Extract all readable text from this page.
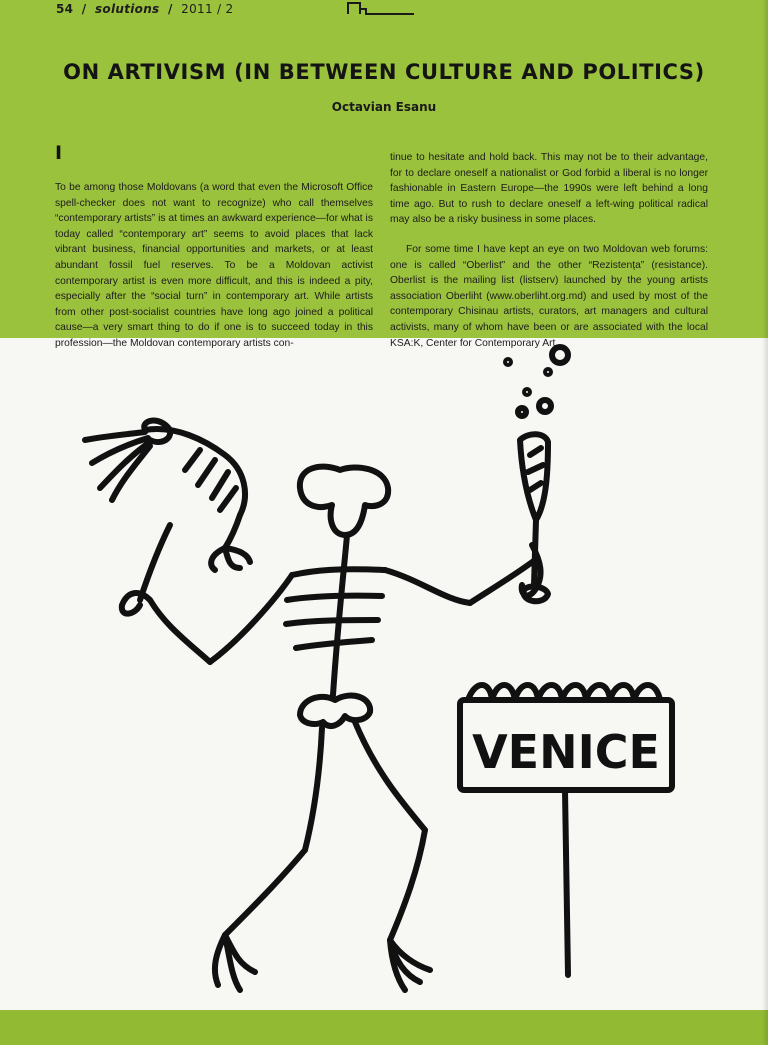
54 / solutions / 2011 / 2
ON ARTIVISM (IN BETWEEN CULTURE AND POLITICS)
Octavian Esanu
I

To be among those Moldovans (a word that even the Microsoft Office spell-checker does not want to recognize) who call themselves “contemporary artists” is at times an awkward experience—for what is today called “contemporary art” seems to avoid places that lack vibrant business, financial opportunities and markets, or at least abundant fossil fuel reserves. To be a Moldovan activist contemporary artist is even more difficult, and this is indeed a pity, especially after the “social turn” in contemporary art. While artists from other post-socialist countries have long ago joined a political cause—a very smart thing to do if one is to succeed today in this profession—the Moldovan contemporary artists con-

tinue to hesitate and hold back. This may not be to their advantage, for to declare oneself a nationalist or God forbid a liberal is no longer fashionable in Eastern Europe—the 1990s were left behind a long time ago. But to rush to declare oneself a left-wing political radical may also be a risky business in some places.

For some time I have kept an eye on two Moldovan web forums: one is called “Oberlist” and the other “Rezistența” (resistance). Oberlist is the mailing list (listserv) launched by the young artists association Oberliht (www.oberliht.org.md) and used by most of the contemporary Chisinau artists, curators, art managers and cultural activists, many of whom have been or are associated with the local KSA:K, Center for Contemporary Art.

VENICE
